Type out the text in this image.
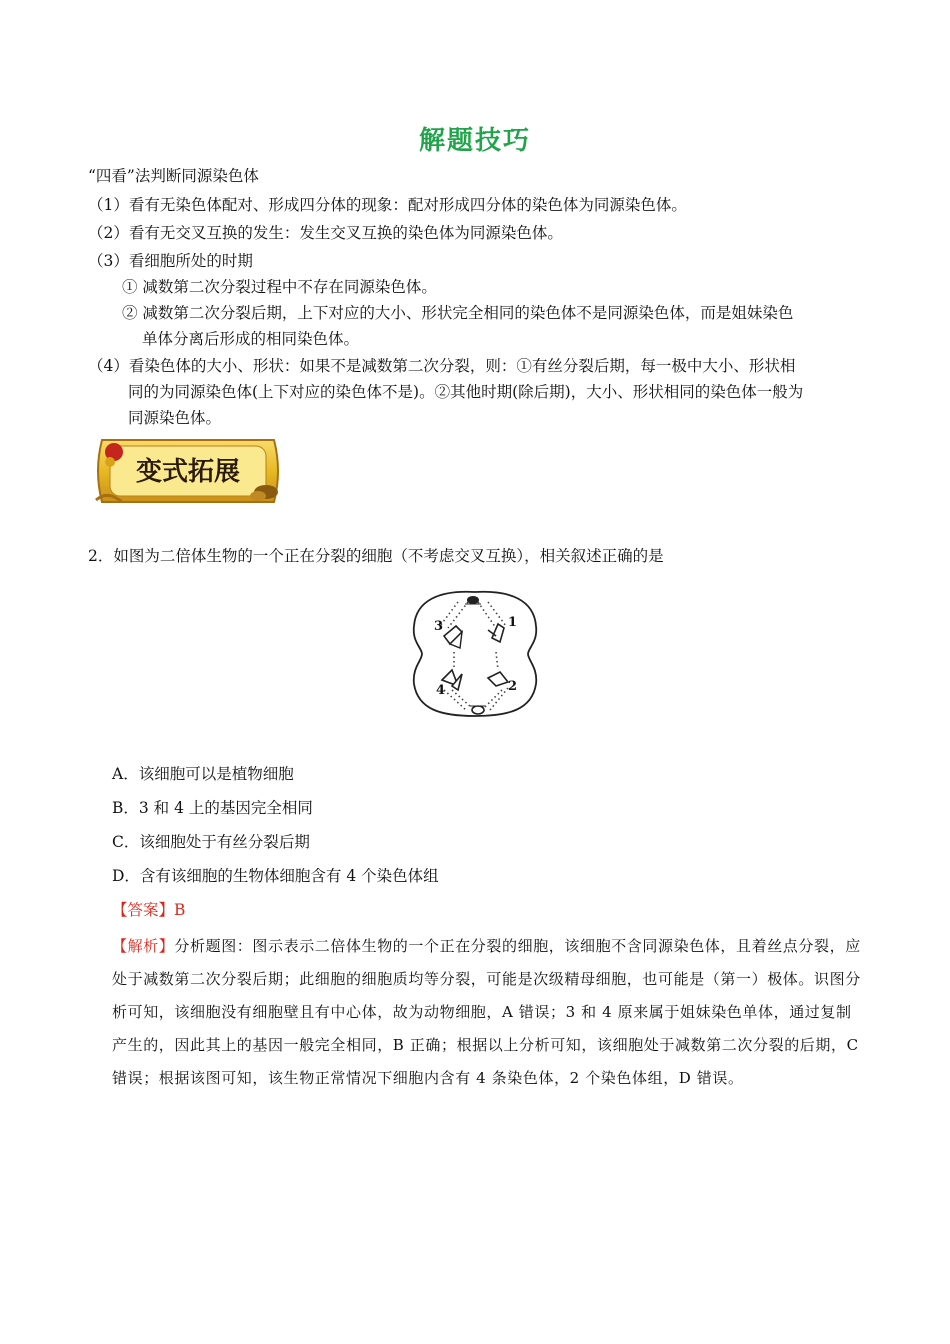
解题技巧
“四看”法判断同源染色体
（1）看有无染色体配对、形成四分体的现象：配对形成四分体的染色体为同源染色体。
（2）看有无交叉互换的发生：发生交叉互换的染色体为同源染色体。
（3）看细胞所处的时期
① 减数第二次分裂过程中不存在同源染色体。
② 减数第二次分裂后期，上下对应的大小、形状完全相同的染色体不是同源染色体，而是姐妹染色
单体分离后形成的相同染色体。
（4）看染色体的大小、形状：如果不是减数第二次分裂，则：①有丝分裂后期，每一极中大小、形状相
同的为同源染色体(上下对应的染色体不是)。②其他时期(除后期)，大小、形状相同的染色体一般为
同源染色体。
变式拓展
2．如图为二倍体生物的一个正在分裂的细胞（不考虑交叉互换），相关叙述正确的是
3	1
4	2
A．该细胞可以是植物细胞
B．3 和 4 上的基因完全相同
C．该细胞处于有丝分裂后期
D．含有该细胞的生物体细胞含有 4 个染色体组
【答案】B
【解析】分析题图：图示表示二倍体生物的一个正在分裂的细胞，该细胞不含同源染色体，且着丝点分裂，应处于减数第二次分裂后期；此细胞的细胞质均等分裂，可能是次级精母细胞，也可能是（第一）极体。识图分析可知，该细胞没有细胞壁且有中心体，故为动物细胞，A 错误；3 和 4 原来属于姐妹染色单体，通过复制产生的，因此其上的基因一般完全相同，B 正确；根据以上分析可知，该细胞处于减数第二次分裂的后期，C 错误；根据该图可知，该生物正常情况下细胞内含有 4 条染色体，2 个染色体组，D 错误。
